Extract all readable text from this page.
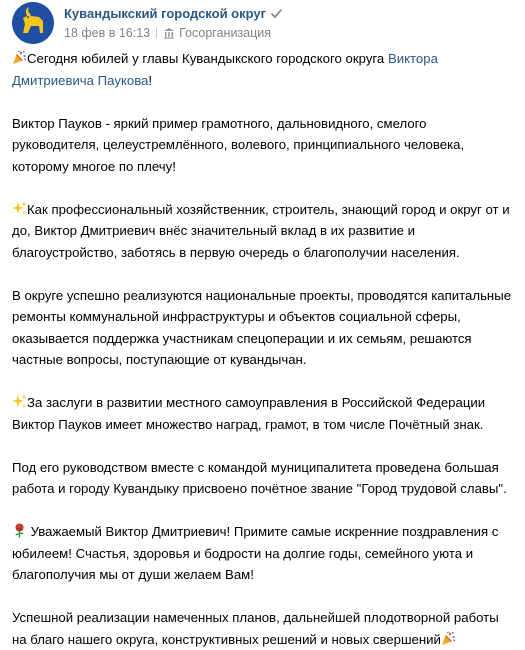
Кувандыкский городской округ
18 фев в 16:13 Госорганизация

Сегодня юбилей у главы Кувандыкского городского округа Виктора Дмитриевича Паукова!

Виктор Пауков - яркий пример грамотного, дальновидного, смелого руководителя, целеустремлённого, волевого, принципиального человека, которому многое по плечу!

Как профессиональный хозяйственник, строитель, знающий город и округ от и до, Виктор Дмитриевич внёс значительный вклад в их развитие и благоустройство, заботясь в первую очередь о благополучии населения.

В округе успешно реализуются национальные проекты, проводятся капитальные ремонты коммунальной инфраструктуры и объектов социальной сферы, оказывается поддержка участникам спецоперации и их семьям, решаются частные вопросы, поступающие от кувандычан.

За заслуги в развитии местного самоуправления в Российской Федерации Виктор Пауков имеет множество наград, грамот, в том числе Почётный знак.

Под его руководством вместе с командой муниципалитета проведена большая работа и городу Кувандыку присвоено почётное звание "Город трудовой славы".

Уважаемый Виктор Дмитриевич! Примите самые искренние поздравления с юбилеем! Счастья, здоровья и бодрости на долгие годы, семейного уюта и благополучия мы от души желаем Вам!

Успешной реализации намеченных планов, дальнейшей плодотворной работы на благо нашего округа, конструктивных решений и новых свершений
